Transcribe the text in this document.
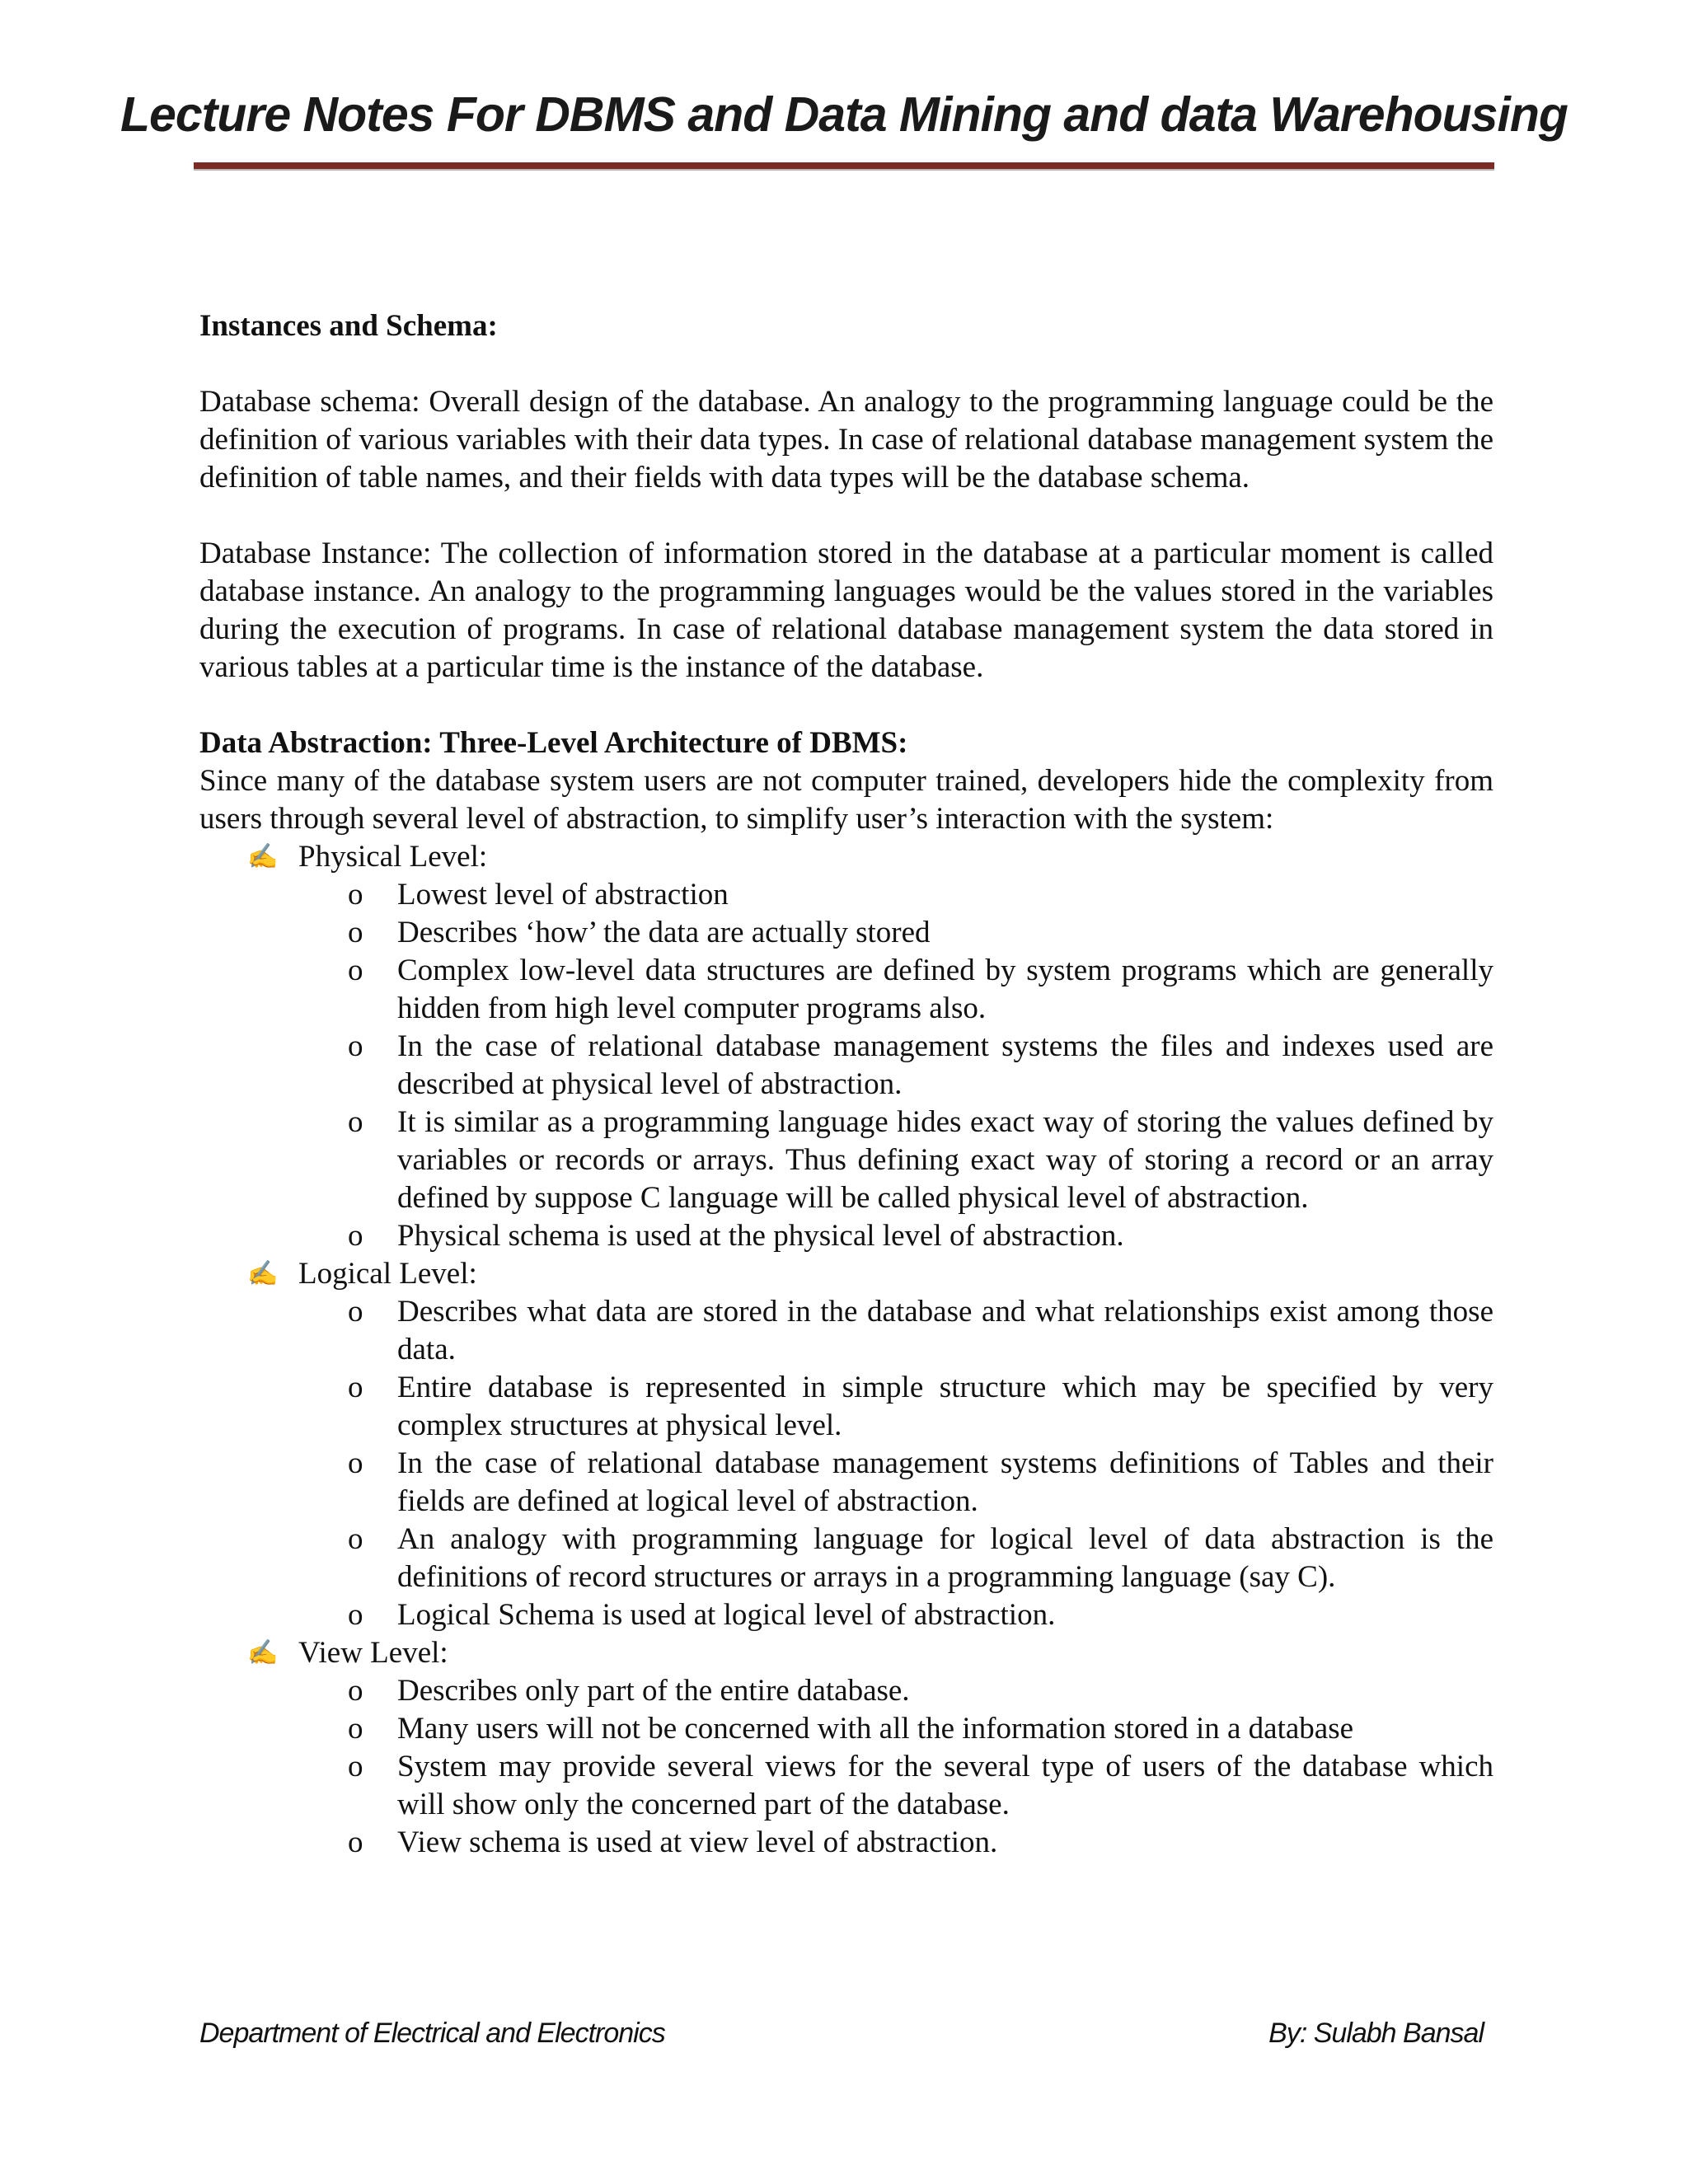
Lecture Notes For DBMS and Data Mining and data Warehousing

Instances and Schema:

Database schema: Overall design of the database. An analogy to the programming language could be the definition of various variables with their data types. In case of relational database management system the definition of table names, and their fields with data types will be the database schema.

Database Instance: The collection of information stored in the database at a particular moment is called database instance. An analogy to the programming languages would be the values stored in the variables during the execution of programs. In case of relational database management system the data stored in various tables at a particular time is the instance of the database.

Data Abstraction: Three-Level Architecture of DBMS:

Since many of the database system users are not computer trained, developers hide the complexity from users through several level of abstraction, to simplify user’s interaction with the system:

✍ Physical Level:
o Lowest level of abstraction
o Describes ‘how’ the data are actually stored
o Complex low-level data structures are defined by system programs which are generally hidden from high level computer programs also.
o In the case of relational database management systems the files and indexes used are described at physical level of abstraction.
o It is similar as a programming language hides exact way of storing the values defined by variables or records or arrays. Thus defining exact way of storing a record or an array defined by suppose C language will be called physical level of abstraction.
o Physical schema is used at the physical level of abstraction.
✍ Logical Level:
o Describes what data are stored in the database and what relationships exist among those data.
o Entire database is represented in simple structure which may be specified by very complex structures at physical level.
o In the case of relational database management systems definitions of Tables and their fields are defined at logical level of abstraction.
o An analogy with programming language for logical level of data abstraction is the definitions of record structures or arrays in a programming language (say C).
o Logical Schema is used at logical level of abstraction.
✍ View Level:
o Describes only part of the entire database.
o Many users will not be concerned with all the information stored in a database
o System may provide several views for the several type of users of the database which will show only the concerned part of the database.
o View schema is used at view level of abstraction.
Department of Electrical and Electronics	By: Sulabh Bansal
